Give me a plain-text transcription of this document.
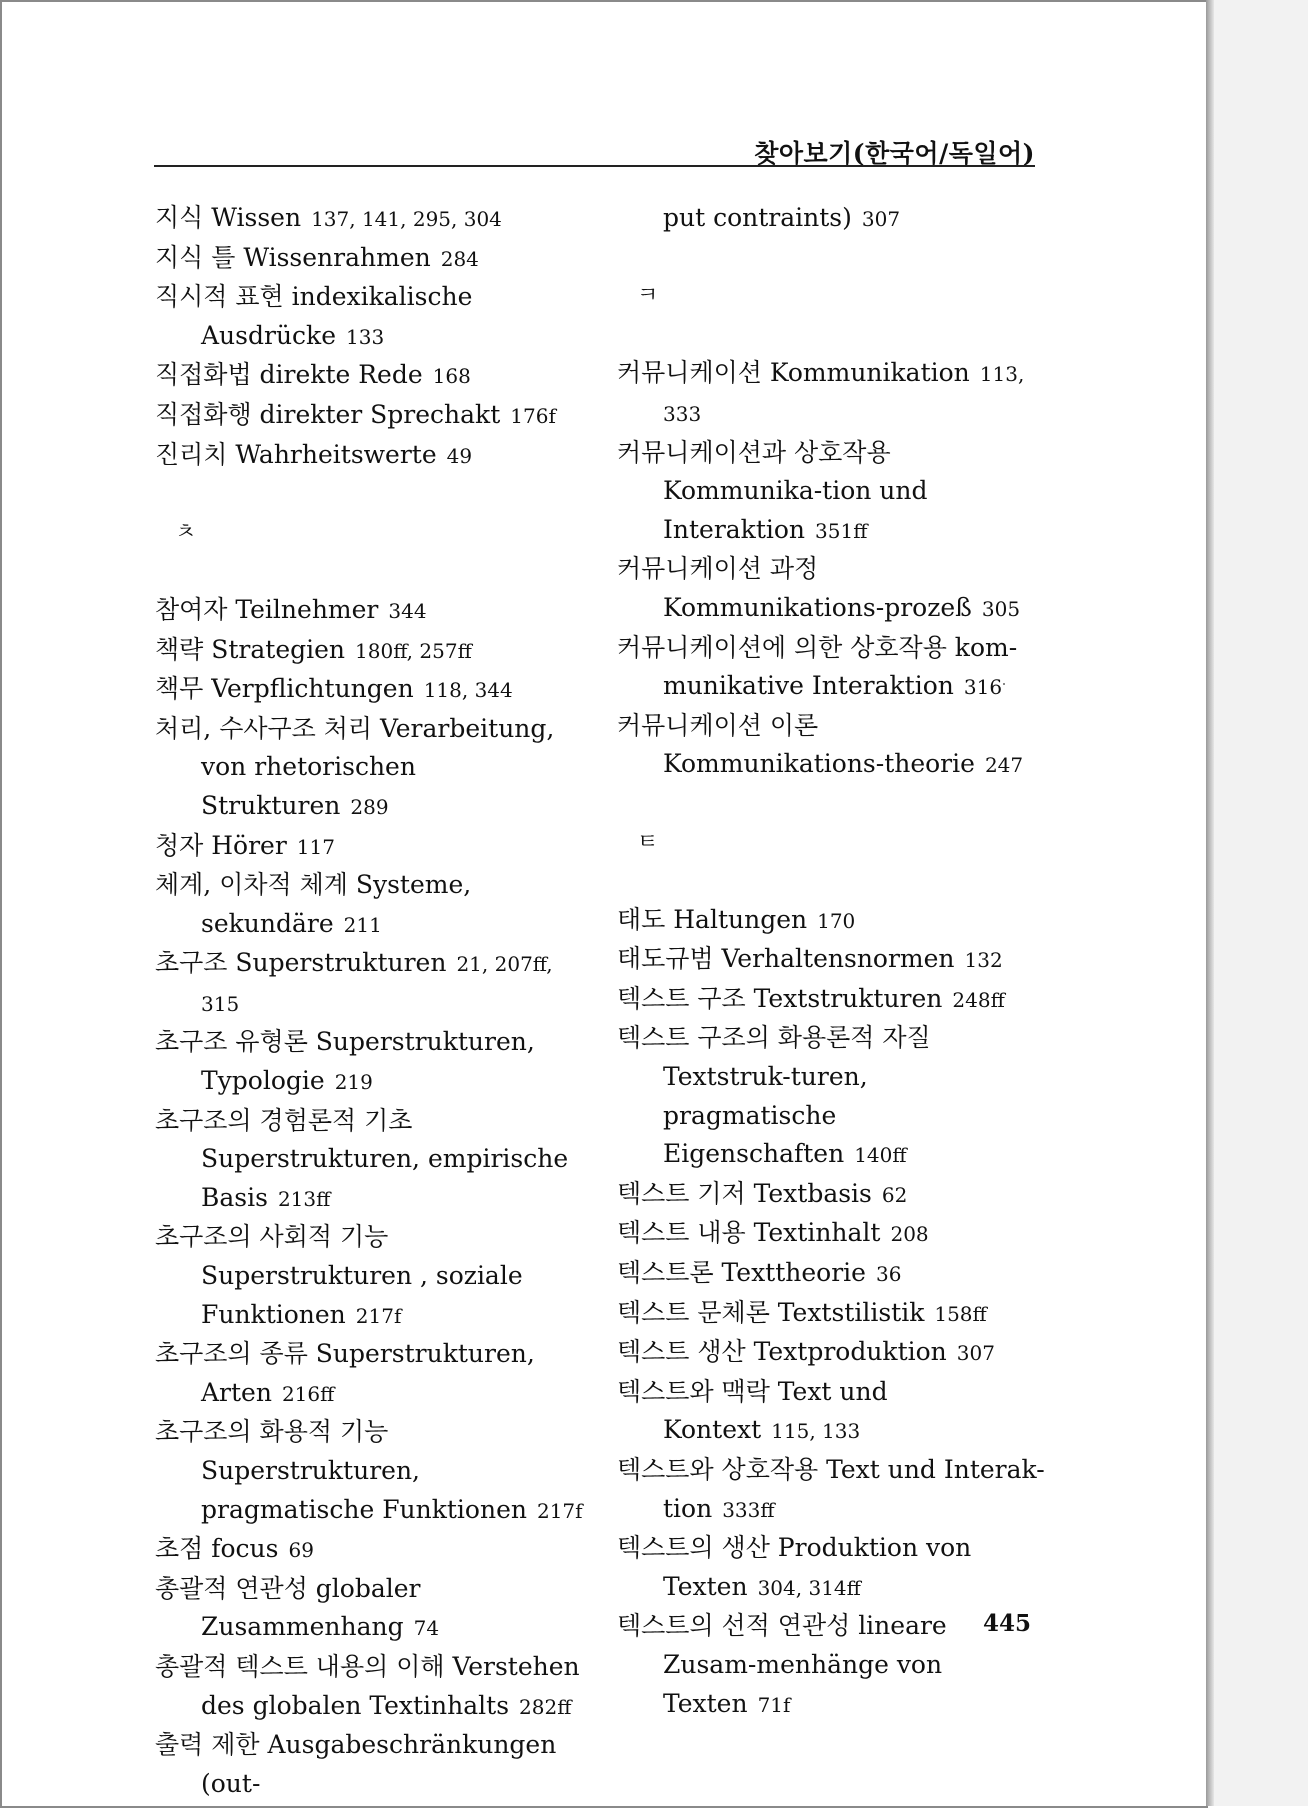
찾아보기(한국어/독일어)
지식 Wissen 137, 141, 295, 304
지식 틀 Wissenrahmen 284
직시적 표현 indexikalische Ausdrücke 133
직접화법 direkte Rede 168
직접화행 direkter Sprechakt 176f
진리치 Wahrheitswerte 49
ㅊ
참여자 Teilnehmer 344
책략 Strategien 180ff, 257ff
책무 Verpflichtungen 118, 344
처리, 수사구조 처리 Verarbeitung, von rhetorischen Strukturen 289
청자 Hörer 117
체계, 이차적 체계 Systeme, sekundäre 211
초구조 Superstrukturen 21, 207ff, 315
초구조 유형론 Superstrukturen, Typologie 219
초구조의 경험론적 기초 Superstrukturen, empirische Basis 213ff
초구조의 사회적 기능 Superstrukturen , soziale Funktionen 217f
초구조의 종류 Superstrukturen, Arten 216ff
초구조의 화용적 기능 Superstrukturen, pragmatische Funktionen 217f
초점 focus 69
총괄적 연관성 globaler Zusammenhang 74
총괄적 텍스트 내용의 이해 Verstehen des globalen Textinhalts 282ff
출력 제한 Ausgabeschränkungen (out-
put contraints) 307
ㅋ
커뮤니케이션 Kommunikation 113, 333
커뮤니케이션과 상호작용 Kommunika-tion und Interaktion 351ff
커뮤니케이션 과정 Kommunikations-prozeß 305
커뮤니케이션에 의한 상호작용 kom-munikative Interaktion 316
커뮤니케이션 이론 Kommunikations-theorie 247
ㅌ
태도 Haltungen 170
태도규범 Verhaltensnormen 132
텍스트 구조 Textstrukturen 248ff
텍스트 구조의 화용론적 자질 Textstruk-turen, pragmatische Eigenschaften 140ff
텍스트 기저 Textbasis 62
텍스트 내용 Textinhalt 208
텍스트론 Texttheorie 36
텍스트 문체론 Textstilistik 158ff
텍스트 생산 Textproduktion 307
텍스트와 맥락 Text und Kontext 115, 133
텍스트와 상호작용 Text und Interak-tion 333ff
텍스트의 생산 Produktion von Texten 304, 314ff
텍스트의 선적 연관성 lineare Zusam-menhänge von Texten 71f
445
